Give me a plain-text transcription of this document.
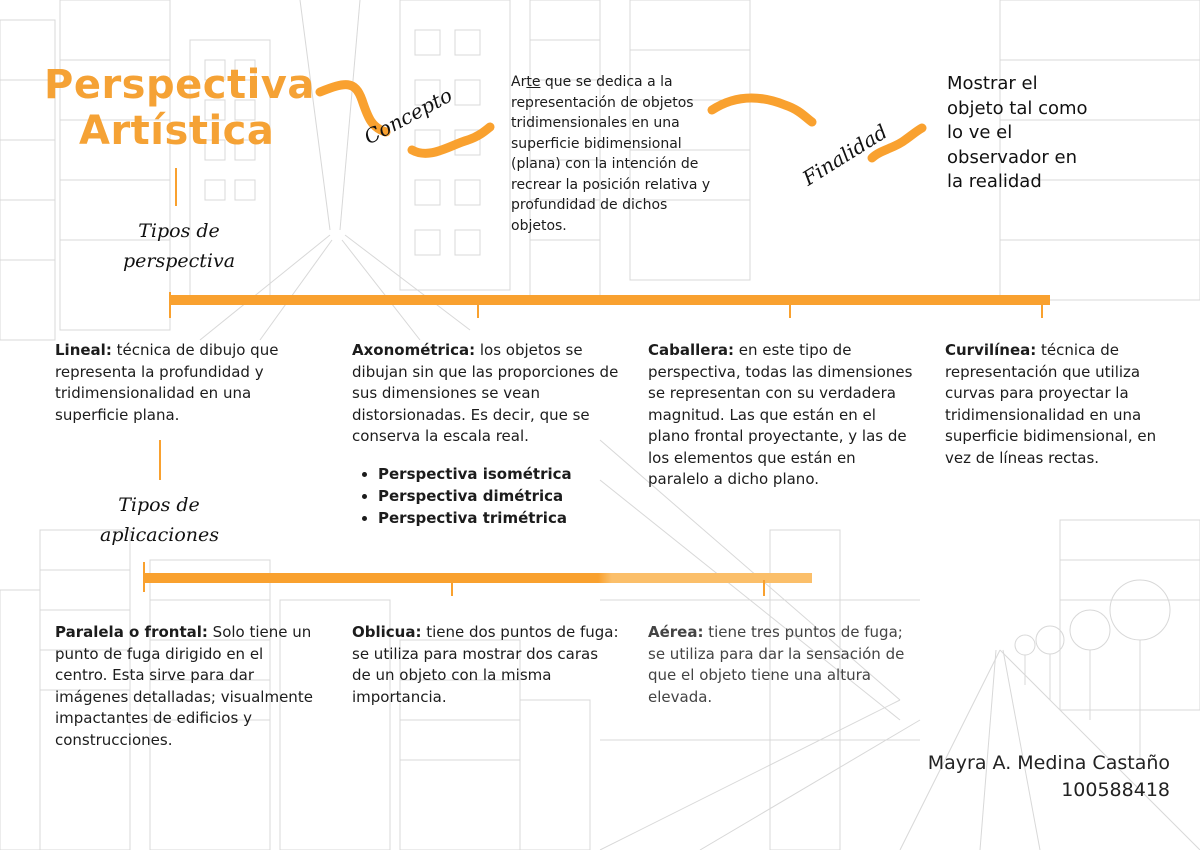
Perspectiva
Artística	Concepto
Arte que se dedica a la representación de objetos tridimensionales en una superficie bidimensional (plana) con la intención de recrear la posición relativa y profundidad de dichos objetos.
Finalidad
Mostrar el objeto tal como lo ve el observador en la realidad
Tipos de
perspectiva
Lineal: técnica de dibujo que representa la profundidad y tridimensionalidad en una superficie plana.
Axonométrica: los objetos se dibujan sin que las proporciones de sus dimensiones se vean distorsionadas. Es decir, que se conserva la escala real.
• Perspectiva isométrica
• Perspectiva dimétrica
• Perspectiva trimétrica
Caballera: en este tipo de perspectiva, todas las dimensiones se representan con su verdadera magnitud. Las que están en el plano frontal proyectante, y las de los elementos que están en paralelo a dicho plano.
Curvilínea: técnica de representación que utiliza curvas para proyectar la tridimensionalidad en una superficie bidimensional, en vez de líneas rectas.
Tipos de
aplicaciones
Paralela o frontal: Solo tiene un punto de fuga dirigido en el centro. Esta sirve para dar imágenes detalladas; visualmente impactantes de edificios y construcciones.
Oblicua: tiene dos puntos de fuga: se utiliza para mostrar dos caras de un objeto con la misma importancia.
Aérea: tiene tres puntos de fuga; se utiliza para dar la sensación de que el objeto tiene una altura elevada.
Mayra A. Medina Castaño
100588418
